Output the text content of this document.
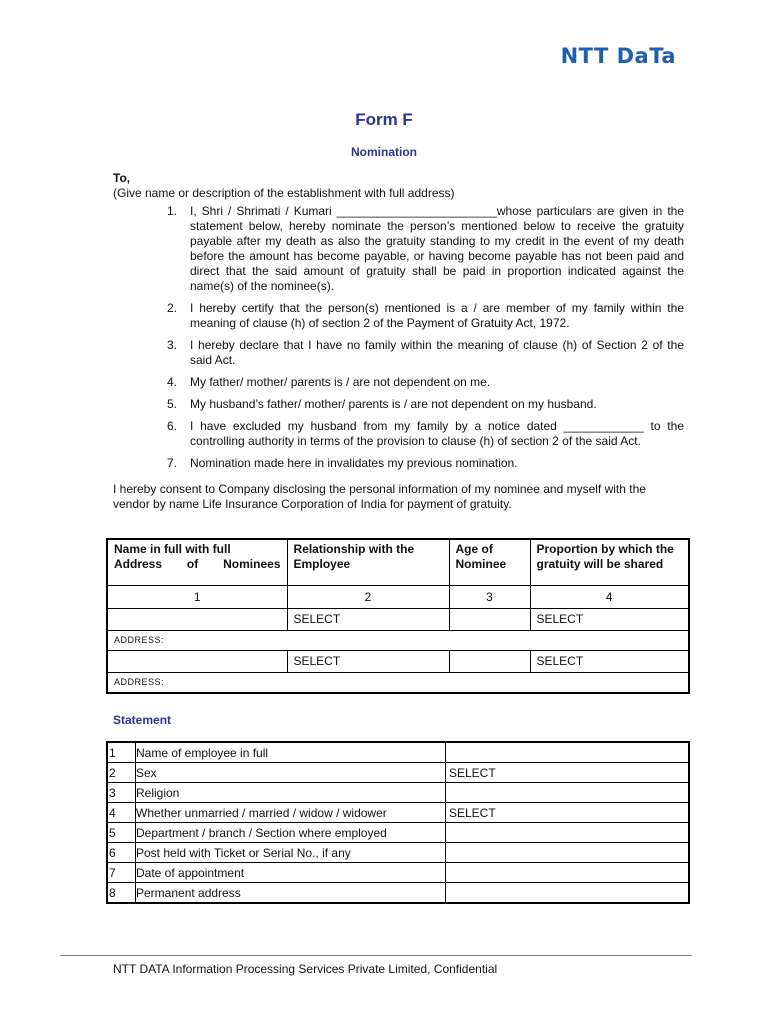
NTT DaTa
Form F
Nomination
To,
(Give name or description of the establishment with full address)
1. I, Shri / Shrimati / Kumari ________________________whose particulars are given in the statement below, hereby nominate the person’s mentioned below to receive the gratuity payable after my death as also the gratuity standing to my credit in the event of my death before the amount has become payable, or having become payable has not been paid and direct that the said amount of gratuity shall be paid in proportion indicated against the name(s) of the nominee(s).
2. I hereby certify that the person(s) mentioned is a / are member of my family within the meaning of clause (h) of section 2 of the Payment of Gratuity Act, 1972.
3. I hereby declare that I have no family within the meaning of clause (h) of Section 2 of the said Act.
4. My father/ mother/ parents is / are not dependent on me.
5. My husband’s father/ mother/ parents is / are not dependent on my husband.
6. I have excluded my husband from my family by a notice dated ____________ to the controlling authority in terms of the provision to clause (h) of section 2 of the said Act.
7. Nomination made here in invalidates my previous nomination.
I hereby consent to Company disclosing the personal information of my nominee and myself with the vendor by name Life Insurance Corporation of India for payment of gratuity.
Name in full with full Address of Nominees	Relationship with the Employee	Age of Nominee	Proportion by which the gratuity will be shared
1	2	3	4
	SELECT		SELECT
ADDRESS:			
	SELECT		SELECT
ADDRESS:			
Statement
1	Name of employee in full	
2	Sex	SELECT
3	Religion	
4	Whether unmarried / married / widow / widower	SELECT
5	Department / branch / Section where employed	
6	Post held with Ticket or Serial No., if any	
7	Date of appointment	
8	Permanent address	
NTT DATA Information Processing Services Private Limited, Confidential
